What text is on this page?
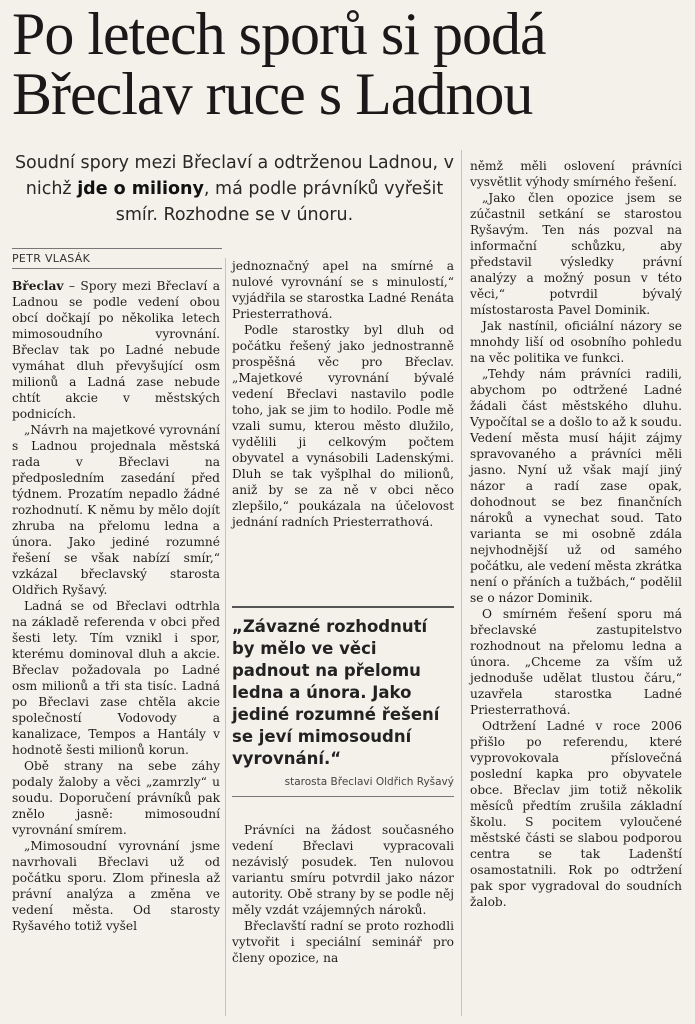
Po letech sporů si podá
Břeclav ruce s Ladnou

Soudní spory mezi Břeclaví a odtrženou Ladnou, v nichž jde o miliony, má podle právníků vyřešit smír. Rozhodne se v únoru.

PETR VLASÁK

Břeclav – Spory mezi Břeclaví a Ladnou se podle vedení obou obcí dočkají po několika letech mimosoudního vyrovnání. Břeclav tak po Ladné nebude vymáhat dluh převyšující osm milionů a Ladná zase nebude chtít akcie v městských podnicích.

„Návrh na majetkové vyrovnání s Ladnou projednala městská rada v Břeclavi na předposledním zasedání před týdnem. Prozatím nepadlo žádné rozhodnutí. K němu by mělo dojít zhruba na přelomu ledna a února. Jako jediné rozumné řešení se však nabízí smír,“ vzkázal břeclavský starosta Oldřich Ryšavý.

Ladná se od Břeclavi odtrhla na základě referenda v obci před šesti lety. Tím vznikl i spor, kterému dominoval dluh a akcie. Břeclav požadovala po Ladné osm milionů a tři sta tisíc. Ladná po Břeclavi zase chtěla akcie společností Vodovody a kanalizace, Tempos a Hantály v hodnotě šesti milionů korun.

Obě strany na sebe záhy podaly žaloby a věci „zamrzly“ u soudu. Doporučení právníků pak znělo jasně: mimosoudní vyrovnání smírem.

„Mimosoudní vyrovnání jsme navrhovali Břeclavi už od počátku sporu. Zlom přinesla až právní analýza a změna ve vedení města. Od starosty Ryšavého totiž vyšel

jednoznačný apel na smírné a nulové vyrovnání se s minulostí,“ vyjádřila se starostka Ladné Renáta Priesterrathová.

Podle starostky byl dluh od počátku řešený jako jednostranně prospěšná věc pro Břeclav. „Majetkové vyrovnání bývalé vedení Břeclavi nastavilo podle toho, jak se jim to hodilo. Podle mě vzali sumu, kterou město dlužilo, vydělili ji celkovým počtem obyvatel a vynásobili Ladenskými. Dluh se tak vyšplhal do milionů, aniž by se za ně v obci něco zlepšilo,“ poukázala na účelovost jednání radních Priesterrathová.

„Závazné rozhodnutí by mělo ve věci padnout na přelomu ledna a února. Jako jediné rozumné řešení se jeví mimosoudní vyrovnání.“

starosta Břeclavi Oldřich Ryšavý

Právníci na žádost současného vedení Břeclavi vypracovali nezávislý posudek. Ten nulovou variantu smíru potvrdil jako názor autority. Obě strany by se podle něj měly vzdát vzájemných nároků.

Břeclavští radní se proto rozhodli vytvořit i speciální seminář pro členy opozice, na

němž měli oslovení právníci vysvětlit výhody smírného řešení.

„Jako člen opozice jsem se zúčastnil setkání se starostou Ryšavým. Ten nás pozval na informační schůzku, aby představil výsledky právní analýzy a možný posun v této věci,“ potvrdil bývalý místostarosta Pavel Dominik.

Jak nastínil, oficiální názory se mnohdy liší od osobního pohledu na věc politika ve funkci.

„Tehdy nám právníci radili, abychom po odtržené Ladné žádali část městského dluhu. Vypočítal se a došlo to až k soudu. Vedení města musí hájit zájmy spravovaného a právníci měli jasno. Nyní už však mají jiný názor a radí zase opak, dohodnout se bez finančních nároků a vynechat soud. Tato varianta se mi osobně zdála nejvhodnější už od samého počátku, ale vedení města zkrátka není o přáních a tužbách,“ podělil se o názor Dominik.

O smírném řešení sporu má břeclavské zastupitelstvo rozhodnout na přelomu ledna a února. „Chceme za vším už jednoduše udělat tlustou čáru,“ uzavřela starostka Ladné Priesterrathová.

Odtržení Ladné v roce 2006 přišlo po referendu, které vyprovokovala příslovečná poslední kapka pro obyvatele obce. Břeclav jim totiž několik měsíců předtím zrušila základní školu. S pocitem vyloučené městské části se slabou podporou centra se tak Ladenští osamostatnili. Rok po odtržení pak spor vygradoval do soudních žalob.
